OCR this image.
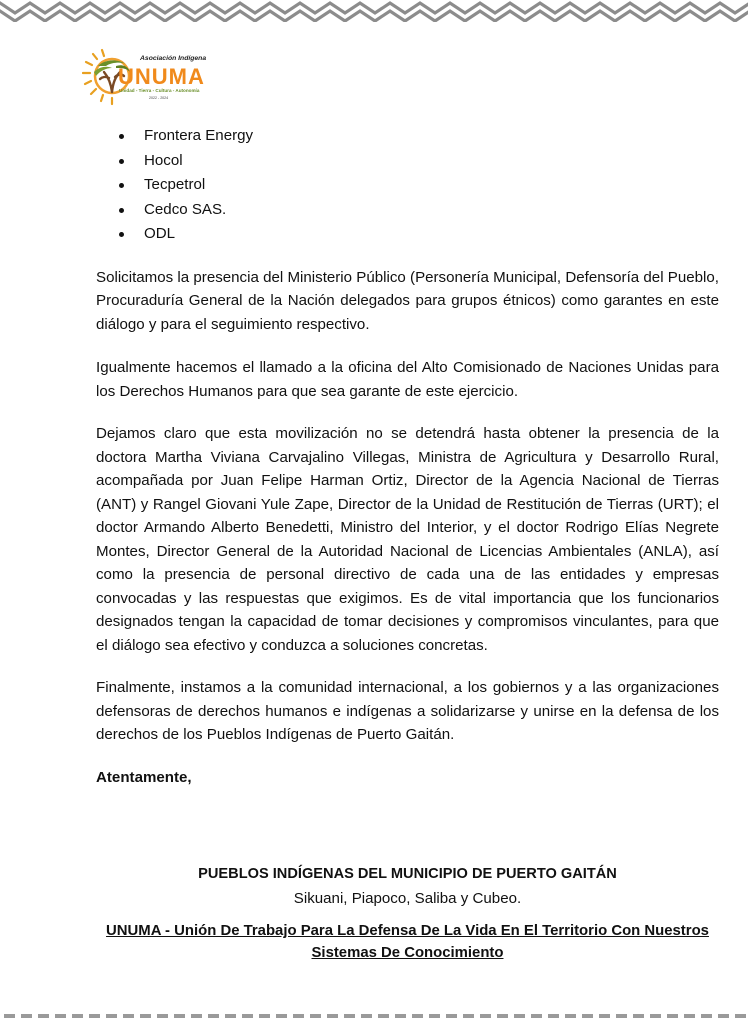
Asociación Indígena
UNUMA
Unidad - Tierra - Cultura - Autonomía
2022 - 2024
Frontera Energy
Hocol
Tecpetrol
Cedco SAS.
ODL

Solicitamos la presencia del Ministerio Público (Personería Municipal, Defensoría del Pueblo, Procuraduría General de la Nación delegados para grupos étnicos) como garantes en este diálogo y para el seguimiento respectivo.

Igualmente hacemos el llamado a la oficina del Alto Comisionado de Naciones Unidas para los Derechos Humanos para que sea garante de este ejercicio.

Dejamos claro que esta movilización no se detendrá hasta obtener la presencia de la doctora Martha Viviana Carvajalino Villegas, Ministra de Agricultura y Desarrollo Rural, acompañada por Juan Felipe Harman Ortiz, Director de la Agencia Nacional de Tierras (ANT) y Rangel Giovani Yule Zape, Director de la Unidad de Restitución de Tierras (URT); el doctor Armando Alberto Benedetti, Ministro del Interior, y el doctor Rodrigo Elías Negrete Montes, Director General de la Autoridad Nacional de Licencias Ambientales (ANLA), así como la presencia de personal directivo de cada una de las entidades y empresas convocadas y las respuestas que exigimos. Es de vital importancia que los funcionarios designados tengan la capacidad de tomar decisiones y compromisos vinculantes, para que el diálogo sea efectivo y conduzca a soluciones concretas.

Finalmente, instamos a la comunidad internacional, a los gobiernos y a las organizaciones defensoras de derechos humanos e indígenas a solidarizarse y unirse en la defensa de los derechos de los Pueblos Indígenas de Puerto Gaitán.

Atentamente,

PUEBLOS INDÍGENAS DEL MUNICIPIO DE PUERTO GAITÁN
Sikuani, Piapoco, Saliba y Cubeo.
UNUMA - Unión De Trabajo Para La Defensa De La Vida En El Territorio Con Nuestros Sistemas De Conocimiento
